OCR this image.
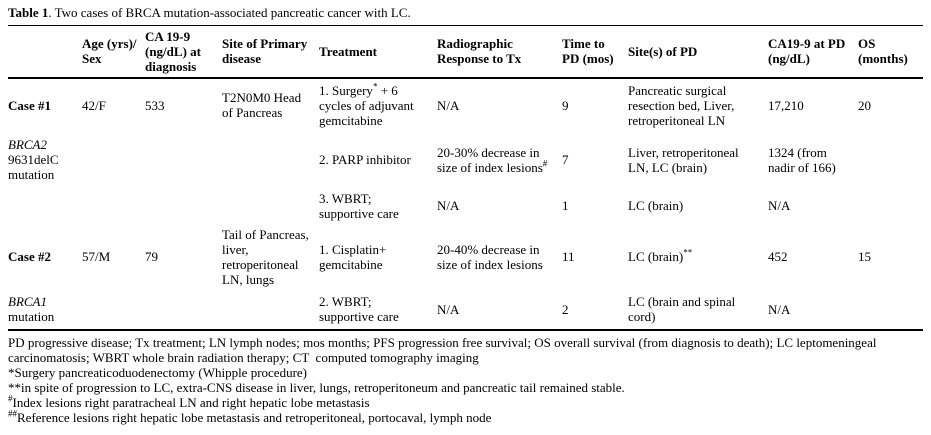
Table 1. Two cases of BRCA mutation-associated pancreatic cancer with LC.
	Age (yrs)/ Sex	CA 19-9 (ng/dL) at diagnosis	Site of Primary disease	Treatment	Radiographic Response to Tx	Time to PD (mos)	Site(s) of PD	CA19-9 at PD (ng/dL)	OS (months)
Case #1	42/F	533	T2N0M0 Head of Pancreas	1. Surgery* + 6 cycles of adjuvant gemcitabine	N/A	9	Pancreatic surgical resection bed, Liver, retroperitoneal LN	17,210	20

BRCA2
9631delC mutation				2. PARP inhibitor	20-30% decrease in size of index lesions#	7	Liver, retroperitoneal LN, LC (brain)	1324 (from nadir of 166)	
				3. WBRT; supportive care	N/A	1	LC (brain)	N/A	
Case #2	57/M	79	Tail of Pancreas, liver, retroperitoneal LN, lungs	1. Cisplatin+ gemcitabine	20-40% decrease in size of index lesions	11	LC (brain)**	452	15

BRCA1
mutation				2. WBRT; supportive care	N/A	2	LC (brain and spinal cord)	N/A	
PD progressive disease; Tx treatment; LN lymph nodes; mos months; PFS progression free survival; OS overall survival (from diagnosis to death); LC leptomeningeal carcinomatosis; WBRT whole brain radiation therapy; CT  computed tomography imaging
*Surgery pancreaticoduodenectomy (Whipple procedure)
**in spite of progression to LC, extra-CNS disease in liver, lungs, retroperitoneum and pancreatic tail remained stable.
#Index lesions right paratracheal LN and right hepatic lobe metastasis
##Reference lesions right hepatic lobe metastasis and retroperitoneal, portocaval, lymph node
